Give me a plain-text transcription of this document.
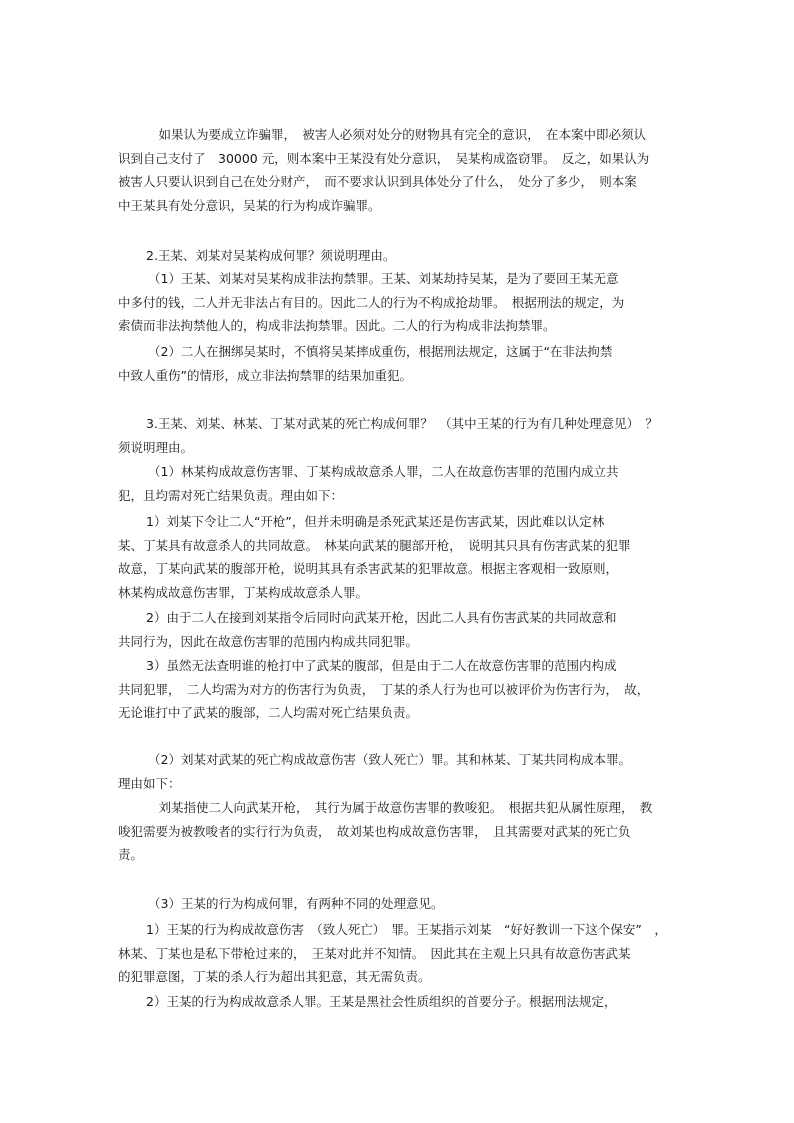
　如果认为要成立诈骗罪，　被害人必须对处分的财物具有完全的意识，　在本案中即必须认
识到自己支付了　30000 元，则本案中王某没有处分意识，　吴某构成盗窃罪。　反之，如果认为
被害人只要认识到自己在处分财产，　而不要求认识到具体处分了什么，　处分了多少，　则本案
中王某具有处分意识，吴某的行为构成诈骗罪。
2.王某、刘某对吴某构成何罪？须说明理由。
（1）王某、刘某对吴某构成非法拘禁罪。王某、刘某劫持吴某，是为了要回王某无意
中多付的钱，二人并无非法占有目的。因此二人的行为不构成抢劫罪。　根据刑法的规定，为
索债而非法拘禁他人的，构成非法拘禁罪。因此。二人的行为构成非法拘禁罪。
（2）二人在捆绑吴某时，不慎将吴某摔成重伤，根据刑法规定，这属于“在非法拘禁
中致人重伤”的情形，成立非法拘禁罪的结果加重犯。
3.王某、刘某、林某、丁某对武某的死亡构成何罪？　（其中王某的行为有几种处理意见）　？
须说明理由。
（1）林某构成故意伤害罪、丁某构成故意杀人罪，二人在故意伤害罪的范围内成立共
犯，且均需对死亡结果负责。理由如下：
1）刘某下令让二人“开枪”，但并未明确是杀死武某还是伤害武某，因此难以认定林
某、丁某具有故意杀人的共同故意。　林某向武某的腿部开枪，　说明其只具有伤害武某的犯罪
故意，丁某向武某的腹部开枪，说明其具有杀害武某的犯罪故意。根据主客观相一致原则，
林某构成故意伤害罪，丁某构成故意杀人罪。
2）由于二人在接到刘某指令后同时向武某开枪，因此二人具有伤害武某的共同故意和
共同行为，因此在故意伤害罪的范围内构成共同犯罪。
3）虽然无法查明谁的枪打中了武某的腹部，但是由于二人在故意伤害罪的范围内构成
共同犯罪，　二人均需为对方的伤害行为负责，　丁某的杀人行为也可以被评价为伤害行为，　故，
无论谁打中了武某的腹部，二人均需对死亡结果负责。
（2）刘某对武某的死亡构成故意伤害（致人死亡）罪。其和林某、丁某共同构成本罪。
理由如下：
　刘某指使二人向武某开枪，　其行为属于故意伤害罪的教唆犯。　根据共犯从属性原理，　教
唆犯需要为被教唆者的实行行为负责，　故刘某也构成故意伤害罪，　且其需要对武某的死亡负
责。
（3）王某的行为构成何罪，有两种不同的处理意见。
1）王某的行为构成故意伤害　（致人死亡）　罪。王某指示刘某　“好好教训一下这个保安”　，
林某、丁某也是私下带枪过来的，　王某对此并不知情。　因此其在主观上只具有故意伤害武某
的犯罪意图，丁某的杀人行为超出其犯意，其无需负责。
2）王某的行为构成故意杀人罪。王某是黑社会性质组织的首要分子。根据刑法规定，
